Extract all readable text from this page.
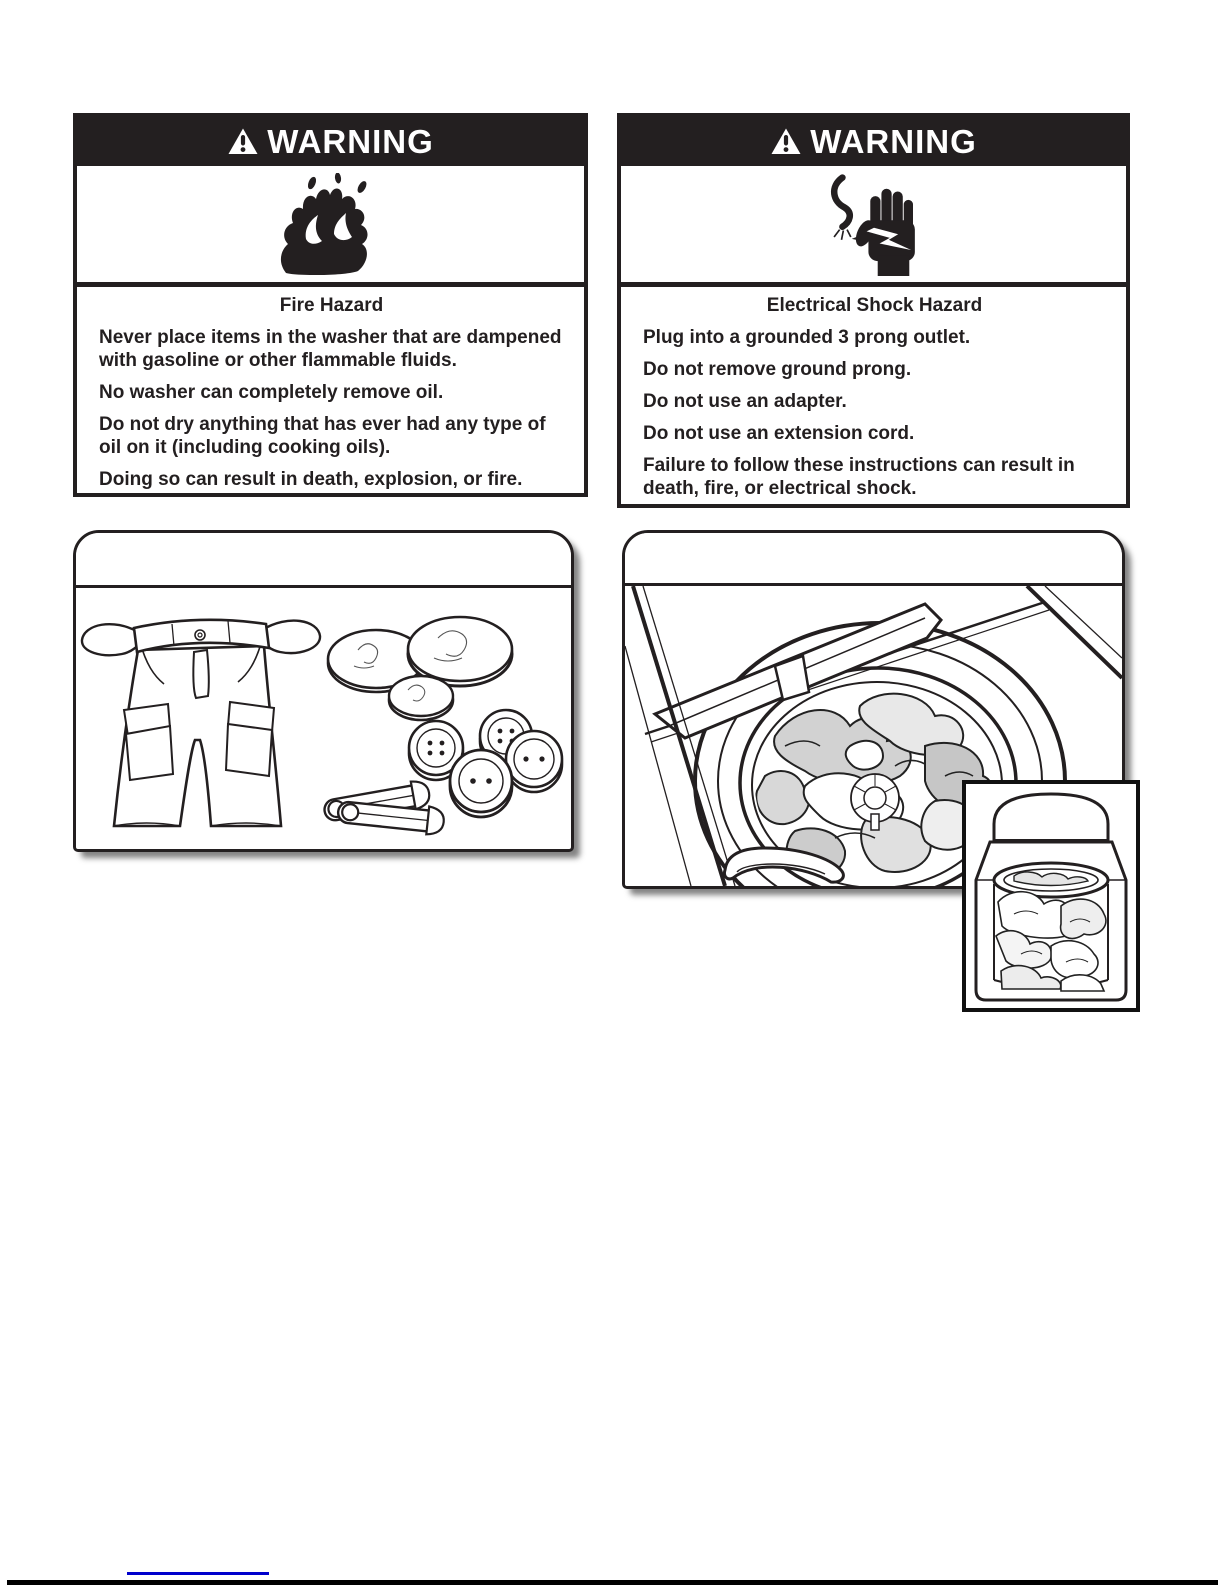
WARNING
Fire Hazard

Never place items in the washer that are dampened with gasoline or other flammable fluids.

No washer can completely remove oil.

Do not dry anything that has ever had any type of oil on it (including cooking oils).

Doing so can result in death, explosion, or fire.

WARNING
Electrical Shock Hazard

Plug into a grounded 3 prong outlet.

Do not remove ground prong.

Do not use an adapter.

Do not use an extension cord.

Failure to follow these instructions can result in death, fire, or electrical shock.
